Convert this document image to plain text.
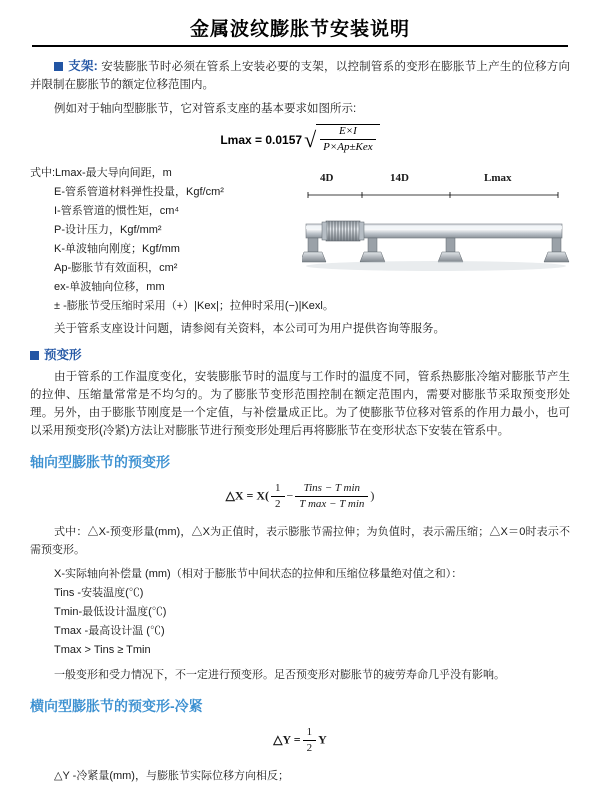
金属波纹膨胀节安装说明

支架: 安装膨胀节时必须在管系上安装必要的支架，以控制管系的变形在膨胀节上产生的位移方向并限制在膨胀节的额定位移范围内。

例如对于轴向型膨胀节，它对管系支座的基本要求如图所示:

$Lmax = 0.0157√ \frac{E\times I}{\text{P×Ap±Kex}}$
式中:Lmax-最大导向间距，m
E-管系管道材料弹性投量，Kgf/cm²
I-管系管道的惯性矩，cm⁴
P-设计压力，Kgf/mm²
K-单波轴向刚度；Kgf/mm
Ap-膨胀节有效面积，cm²
ex-单波轴向位移，mm
± -膨胀节受压缩时采用（+）|Kex|；拉伸时采用(−)|Kexl。
4D	14D	Lmax

关于管系支座设计问题，请参阅有关资料，本公司可为用户提供咨询等服务。

预变形

由于管系的工作温度变化，安装膨胀节时的温度与工作时的温度不同，管系热膨胀冷缩对膨胀节产生的拉伸、压缩量常常是不均匀的。为了膨胀节变形范围控制在额定范围内，需要对膨胀节采取预变形处理。另外，由于膨胀节刚度是一个定值，与补偿量成正比。为了使膨胀节位移对管系的作用力最小，也可以采用预变形(冷紧)方法让对膨胀节进行预变形处理后再将膨胀节在变形状态下安装在管系中。

轴向型膨胀节的预变形
△X = $X( \frac{1}{2} - \frac{\text{Tins − T min}}{\text{T max − T min}}$ )

式中：△X-预变形量(mm)，△X为正值时，表示膨胀节需拉伸；为负值时，表示需压缩；△X＝0时表示不需预变形。

X-实际轴向补偿量 (mm)（相对于膨胀节中间状态的拉伸和压缩位移量绝对值之和）：
Tins -安装温度(℃)
Tmin-最低设计温度(℃)
Tmax -最高设计温 (℃)
Tmax > Tins ≥ Tmin

一般变形和受力情况下，不一定进行预变形。足否预变形对膨胀节的疲劳寿命几乎没有影响。

横向型膨胀节的预变形-冷紧
△Y = $\frac{1}{2}$ Y
△Y -冷紧量(mm)，与膨胀节实际位移方向相反；
